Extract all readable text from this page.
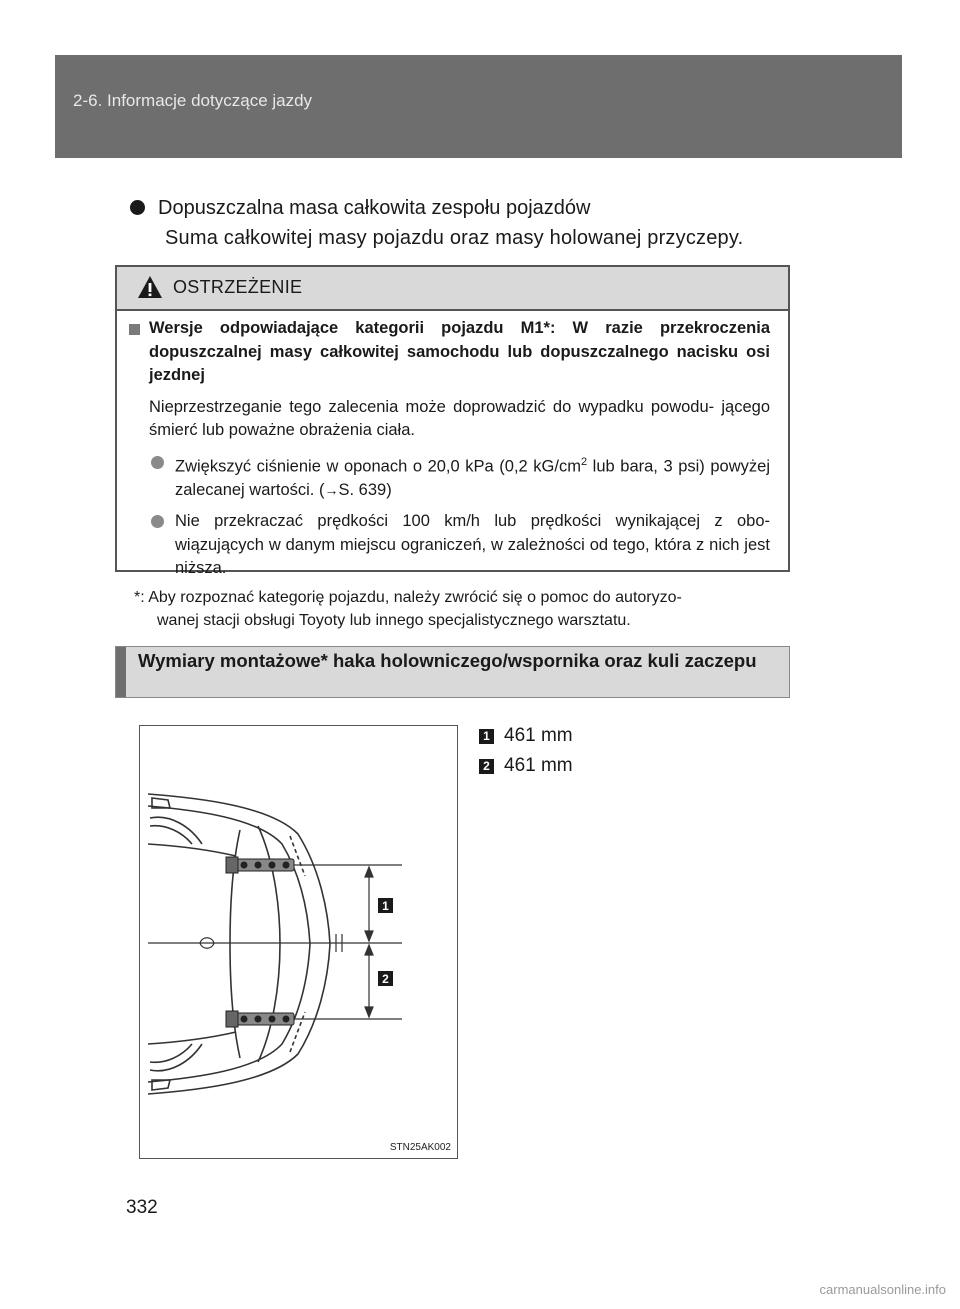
2-6. Informacje dotyczące jazdy
Dopuszczalna masa całkowita zespołu pojazdów
Suma całkowitej masy pojazdu oraz masy holowanej przyczepy.
OSTRZEŻENIE
Wersje odpowiadające kategorii pojazdu M1*: W razie przekroczenia dopuszczalnej masy całkowitej samochodu lub dopuszczalnego nacisku osi jezdnej
Nieprzestrzeganie tego zalecenia może doprowadzić do wypadku powodu- jącego śmierć lub poważne obrażenia ciała.
Zwiększyć ciśnienie w oponach o 20,0 kPa (0,2 $kG/cm^2$ lub bara, 3 psi) powyżej zalecanej wartości. (→S. 639)
Nie przekraczać prędkości 100 km/h lub prędkości wynikającej z obo- wiązujących w danym miejscu ograniczeń, w zależności od tego, która z nich jest niższa.
*: Aby rozpoznać kategorię pojazdu, należy zwrócić się o pomoc do autoryzo-
wanej stacji obsługi Toyoty lub innego specjalistycznego warsztatu.
Wymiary montażowe* haka holowniczego/wspornika oraz kuli zaczepu
1
2
STN25AK002
1 461 mm
2 461 mm
332
carmanualsonline.info
